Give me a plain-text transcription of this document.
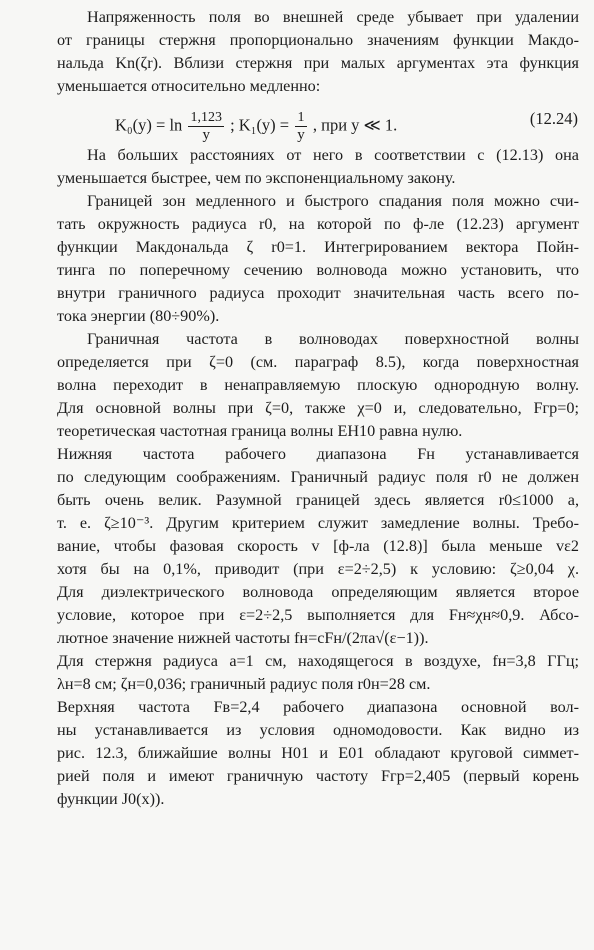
Напряженность поля во внешней среде убывает при удалении
от границы стержня пропорционально значениям функции Макдо-
нальда Kn(ζr). Вблизи стержня при малых аргументах эта функция
уменьшается относительно медленно:
$K_0(y) = \ln \frac{1,123}{y}$ ; $K_1(y) = \frac{1}{y}$ , при y ≪ 1.	(12.24)
На больших расстояниях от него в соответствии с (12.13) она
уменьшается быстрее, чем по экспоненциальному закону.
Границей зон медленного и быстрого спадания поля можно счи-
тать окружность радиуса r0, на которой по ф-ле (12.23) аргумент
функции Макдональда ζ r0=1. Интегрированием вектора Пойн-
тинга по поперечному сечению волновода можно установить, что
внутри граничного радиуса проходит значительная часть всего по-
тока энергии (80÷90%).
Граничная частота в волноводах поверхностной волны
определяется при ζ=0 (см. параграф 8.5), когда поверхностная
волна переходит в ненаправляемую плоскую однородную волну.
Для основной волны при ζ=0, также χ=0 и, следовательно, Fгр=0;
теоретическая частотная граница волны EH10 равна нулю.
Нижняя частота рабочего диапазона Fн устанавливается
по следующим соображениям. Граничный радиус поля r0 не должен
быть очень велик. Разумной границей здесь является r0≤1000 a,
т. е. ζ≥10⁻³. Другим критерием служит замедление волны. Требо-
вание, чтобы фазовая скорость v [ф-ла (12.8)] была меньше vε2
хотя бы на 0,1%, приводит (при ε=2÷2,5) к условию: ζ≥0,04 χ.
Для диэлектрического волновода определяющим является второе
условие, которое при ε=2÷2,5 выполняется для Fн≈χн≈0,9. Абсо-
лютное значение нижней частоты fн=cFн/(2πa√(ε−1)).
Для стержня радиуса a=1 см, находящегося в воздухе, fн=3,8 ГГц;
λн=8 см; ζн=0,036; граничный радиус поля r0н=28 см.
Верхняя частота Fв=2,4 рабочего диапазона основной вол-
ны устанавливается из условия одномодовости. Как видно из
рис. 12.3, ближайшие волны H01 и E01 обладают круговой симмет-
рией поля и имеют граничную частоту Fгр=2,405 (первый корень
функции J0(x)).
